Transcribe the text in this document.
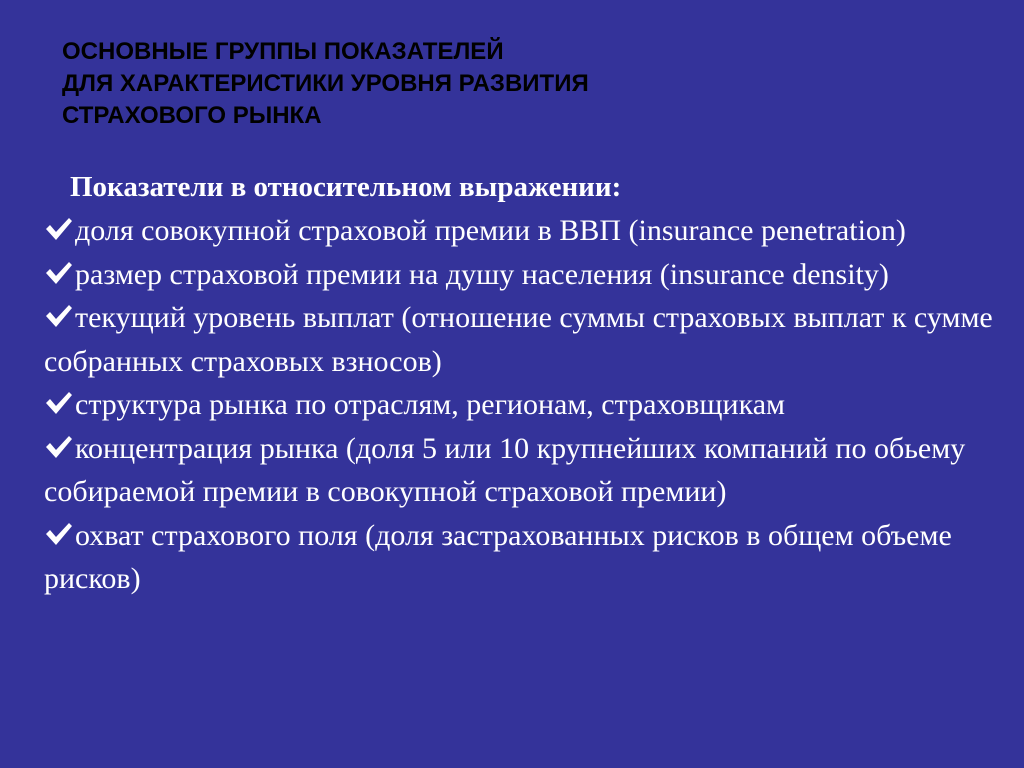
ОСНОВНЫЕ ГРУППЫ ПОКАЗАТЕЛЕЙ
ДЛЯ ХАРАКТЕРИСТИКИ УРОВНЯ РАЗВИТИЯ
СТРАХОВОГО РЫНКА

Показатели в относительном выражении:

доля совокупной страховой премии в ВВП (insurance penetration)
размер страховой премии на душу населения (insurance density)
текущий уровень выплат (отношение суммы страховых выплат к сумме собранных страховых взносов)
структура рынка по отраслям, регионам, страховщикам
концентрация рынка (доля 5 или 10 крупнейших компаний по обьему собираемой премии в совокупной страховой премии)
охват страхового поля (доля застрахованных рисков в общем объеме рисков)
